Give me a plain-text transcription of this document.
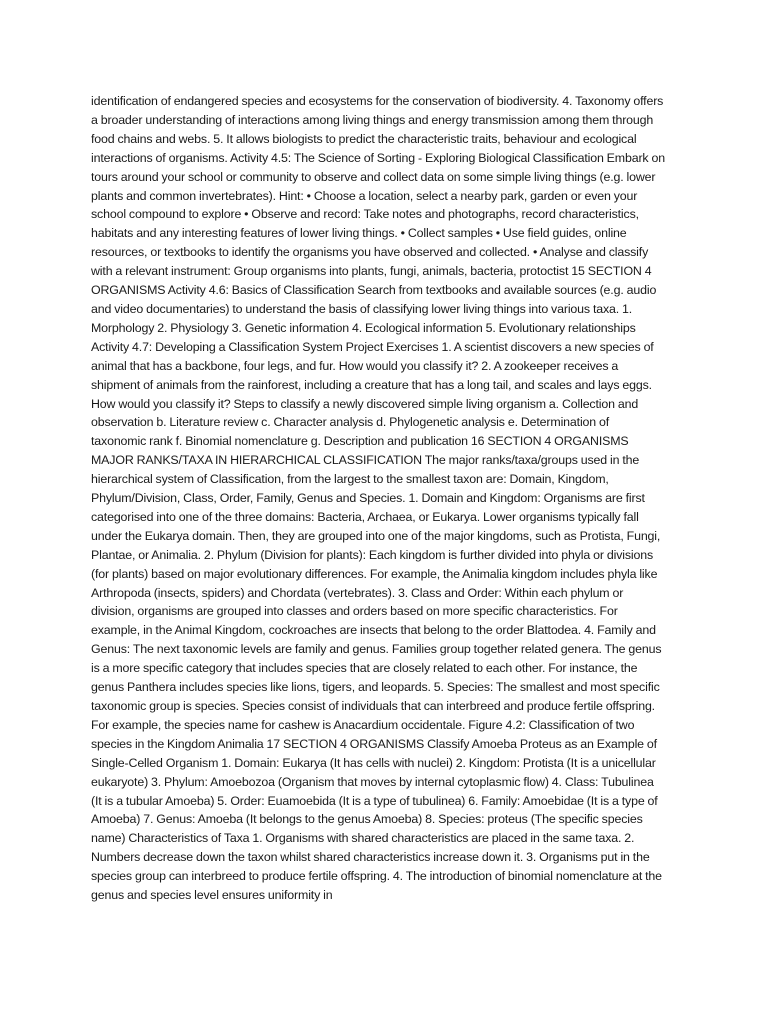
identification of endangered species and ecosystems for the conservation of biodiversity. 4. Taxonomy offers a broader understanding of interactions among living things and energy transmission among them through food chains and webs. 5. It allows biologists to predict the characteristic traits, behaviour and ecological interactions of organisms. Activity 4.5: The Science of Sorting - Exploring Biological Classification Embark on tours around your school or community to observe and collect data on some simple living things (e.g. lower plants and common invertebrates). Hint: • Choose a location, select a nearby park, garden or even your school compound to explore • Observe and record: Take notes and photographs, record characteristics, habitats and any interesting features of lower living things. • Collect samples • Use field guides, online resources, or textbooks to identify the organisms you have observed and collected. • Analyse and classify with a relevant instrument: Group organisms into plants, fungi, animals, bacteria, protoctist 15 SECTION 4 ORGANISMS Activity 4.6: Basics of Classification Search from textbooks and available sources (e.g. audio and video documentaries) to understand the basis of classifying lower living things into various taxa. 1. Morphology 2. Physiology 3. Genetic information 4. Ecological information 5. Evolutionary relationships Activity 4.7: Developing a Classification System Project Exercises 1. A scientist discovers a new species of animal that has a backbone, four legs, and fur. How would you classify it? 2. A zookeeper receives a shipment of animals from the rainforest, including a creature that has a long tail, and scales and lays eggs. How would you classify it? Steps to classify a newly discovered simple living organism a. Collection and observation b. Literature review c. Character analysis d. Phylogenetic analysis e. Determination of taxonomic rank f. Binomial nomenclature g. Description and publication 16 SECTION 4 ORGANISMS MAJOR RANKS/TAXA IN HIERARCHICAL CLASSIFICATION The major ranks/taxa/groups used in the hierarchical system of Classification, from the largest to the smallest taxon are: Domain, Kingdom, Phylum/Division, Class, Order, Family, Genus and Species. 1. Domain and Kingdom: Organisms are first categorised into one of the three domains: Bacteria, Archaea, or Eukarya. Lower organisms typically fall under the Eukarya domain. Then, they are grouped into one of the major kingdoms, such as Protista, Fungi, Plantae, or Animalia. 2. Phylum (Division for plants): Each kingdom is further divided into phyla or divisions (for plants) based on major evolutionary differences. For example, the Animalia kingdom includes phyla like Arthropoda (insects, spiders) and Chordata (vertebrates). 3. Class and Order: Within each phylum or division, organisms are grouped into classes and orders based on more specific characteristics. For example, in the Animal Kingdom, cockroaches are insects that belong to the order Blattodea. 4. Family and Genus: The next taxonomic levels are family and genus. Families group together related genera. The genus is a more specific category that includes species that are closely related to each other. For instance, the genus Panthera includes species like lions, tigers, and leopards. 5. Species: The smallest and most specific taxonomic group is species. Species consist of individuals that can interbreed and produce fertile offspring. For example, the species name for cashew is Anacardium occidentale. Figure 4.2: Classification of two species in the Kingdom Animalia 17 SECTION 4 ORGANISMS Classify Amoeba Proteus as an Example of Single-Celled Organism 1. Domain: Eukarya (It has cells with nuclei) 2. Kingdom: Protista (It is a unicellular eukaryote) 3. Phylum: Amoebozoa (Organism that moves by internal cytoplasmic flow) 4. Class: Tubulinea (It is a tubular Amoeba) 5. Order: Euamoebida (It is a type of tubulinea) 6. Family: Amoebidae (It is a type of Amoeba) 7. Genus: Amoeba (It belongs to the genus Amoeba) 8. Species: proteus (The specific species name) Characteristics of Taxa 1. Organisms with shared characteristics are placed in the same taxa. 2. Numbers decrease down the taxon whilst shared characteristics increase down it. 3. Organisms put in the species group can interbreed to produce fertile offspring. 4. The introduction of binomial nomenclature at the genus and species level ensures uniformity in
